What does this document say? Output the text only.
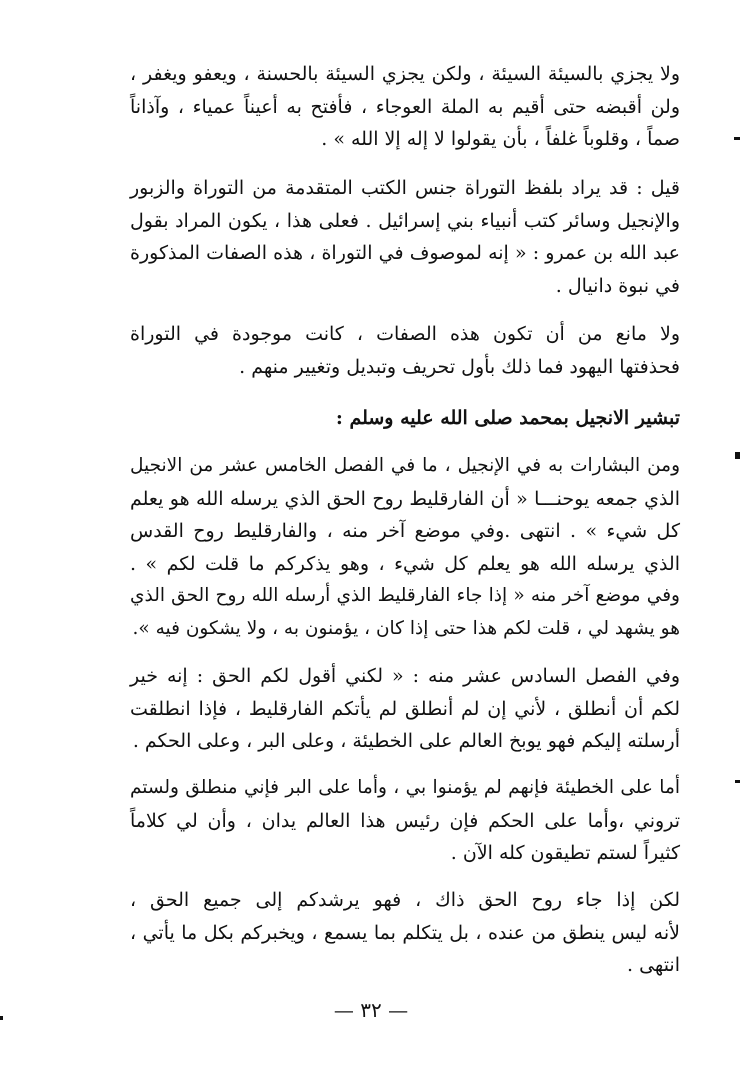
ولا يجزي بالسيئة السيئة ، ولكن يجزي السيئة بالحسنة ، ويعفو ويغفر ،
ولن أقبضه حتى أقيم به الملة العوجاء ، فأفتح به أعيناً عمياء ، وآذاناً
صماً ، وقلوباً غلفاً ، بأن يقولوا لا إله إلا الله » .
قيل : قد يراد بلفظ التوراة جنس الكتب المتقدمة من التوراة والزبور
والإنجيل وسائر كتب أنبياء بني إسرائيل . فعلى هذا ، يكون المراد بقول
عبد الله بن عمرو : « إنه لموصوف في التوراة ، هذه الصفات المذكورة
في نبوة دانيال .
ولا مانع من أن تكون هذه الصفات ، كانت موجودة في التوراة
فحذفتها اليهود فما ذلك بأول تحريف وتبديل وتغيير منهم .
تبشير الانجيل بمحمد صلى الله عليه وسلم :
ومن البشارات به في الإنجيل ، ما في الفصل الخامس عشر من الانجيل
الذي جمعه يوحنـــا « أن الفارقليط روح الحق الذي يرسله الله هو يعلم
كل شيء » . انتهى .وفي موضع آخر منه ، والفارقليط روح القدس
الذي يرسله الله هو يعلم كل شيء ، وهو يذكركم ما قلت لكم » .
وفي موضع آخر منه « إذا جاء الفارقليط الذي أرسله الله روح الحق الذي
هو يشهد لي ، قلت لكم هذا حتى إذا كان ، يؤمنون به ، ولا يشكون فيه ».
وفي الفصل السادس عشر منه : « لكني أقول لكم الحق : إنه خير
لكم أن أنطلق ، لأني إن لم أنطلق لم يأتكم الفارقليط ، فإذا انطلقت
أرسلته إليكم فهو يوبخ العالم على الخطيئة ، وعلى البر ، وعلى الحكم .
أما على الخطيئة فإنهم لم يؤمنوا بي ، وأما على البر فإني منطلق ولستم
تروني ،وأما على الحكم فإن رئيس هذا العالم يدان ، وأن لي كلاماً
كثيراً لستم تطيقون كله الآن .
لكن إذا جاء روح الحق ذاك ، فهو يرشدكم إلى جميع الحق ،
لأنه ليس ينطق من عنده ، بل يتكلم بما يسمع ، ويخبركم بكل ما يأتي ،
انتهى .
— ٣٢ —
